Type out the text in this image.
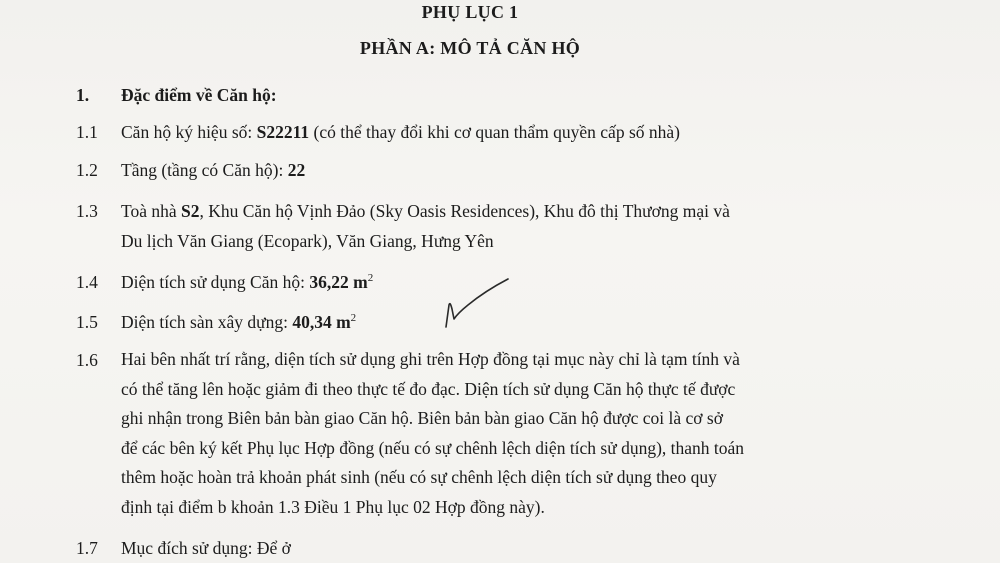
PHỤ LỤC 1
PHẦN A: MÔ TẢ CĂN HỘ
1. Đặc điểm về Căn hộ:
1.1 Căn hộ ký hiệu số: S22211 (có thể thay đổi khi cơ quan thẩm quyền cấp số nhà)
1.2 Tầng (tầng có Căn hộ): 22
1.3 Toà nhà S2, Khu Căn hộ Vịnh Đảo (Sky Oasis Residences), Khu đô thị Thương mại và
Du lịch Văn Giang (Ecopark), Văn Giang, Hưng Yên
1.4 Diện tích sử dụng Căn hộ: 36,22 $m^2$
1.5 Diện tích sàn xây dựng: 40,34 $m^2$
1.6 Hai bên nhất trí rằng, diện tích sử dụng ghi trên Hợp đồng tại mục này chỉ là tạm tính và
có thể tăng lên hoặc giảm đi theo thực tế đo đạc. Diện tích sử dụng Căn hộ thực tế được
ghi nhận trong Biên bản bàn giao Căn hộ. Biên bản bàn giao Căn hộ được coi là cơ sở
để các bên ký kết Phụ lục Hợp đồng (nếu có sự chênh lệch diện tích sử dụng), thanh toán
thêm hoặc hoàn trả khoản phát sinh (nếu có sự chênh lệch diện tích sử dụng theo quy
định tại điểm b khoản 1.3 Điều 1 Phụ lục 02 Hợp đồng này).
1.7 Mục đích sử dụng: Để ở
